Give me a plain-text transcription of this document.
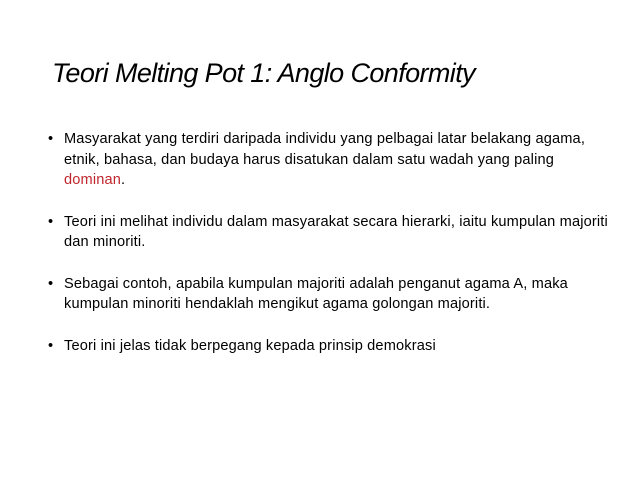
Teori Melting Pot 1: Anglo Conformity
• Masyarakat yang terdiri daripada individu yang pelbagai latar belakang agama, etnik, bahasa, dan budaya harus disatukan dalam satu wadah yang paling dominan.
• Teori ini melihat individu dalam masyarakat secara hierarki, iaitu kumpulan majoriti dan minoriti.
• Sebagai contoh, apabila kumpulan majoriti adalah penganut agama A, maka kumpulan minoriti hendaklah mengikut agama golongan majoriti.
• Teori ini jelas tidak berpegang kepada prinsip demokrasi
